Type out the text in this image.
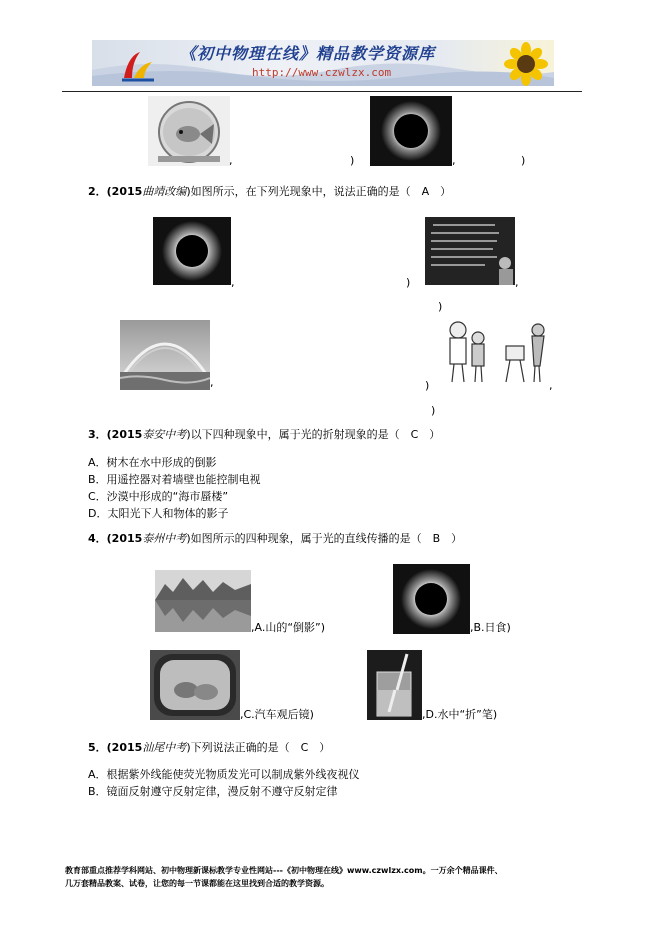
《初中物理在线》精品教学资源库
http://www.czwlzx.com
,	)	,	)
2．(2015曲靖改编)如图所示，在下列光现象中，说法正确的是（　A　）
,	)	,
)
,	)	,
)
3．(2015泰安中考)以下四种现象中，属于光的折射现象的是（　C　）
A．树木在水中形成的倒影
B．用遥控器对着墙壁也能控制电视
C．沙漠中形成的“海市蜃楼”
D．太阳光下人和物体的影子
4．(2015泰州中考)如图所示的四种现象，属于光的直线传播的是（　B　）
,A.山的“倒影”)	,B.日食)
,C.汽车观后镜)	,D.水中“折”笔)
5．(2015汕尾中考)下列说法正确的是（　C　）
A．根据紫外线能使荧光物质发光可以制成紫外线夜视仪
B．镜面反射遵守反射定律，漫反射不遵守反射定律
教育部重点推荐学科网站、初中物理新课标教学专业性网站---《初中物理在线》www.czwlzx.com。一万余个精品课件、
几万套精品教案、试卷，让您的每一节课都能在这里找到合适的教学资源。
